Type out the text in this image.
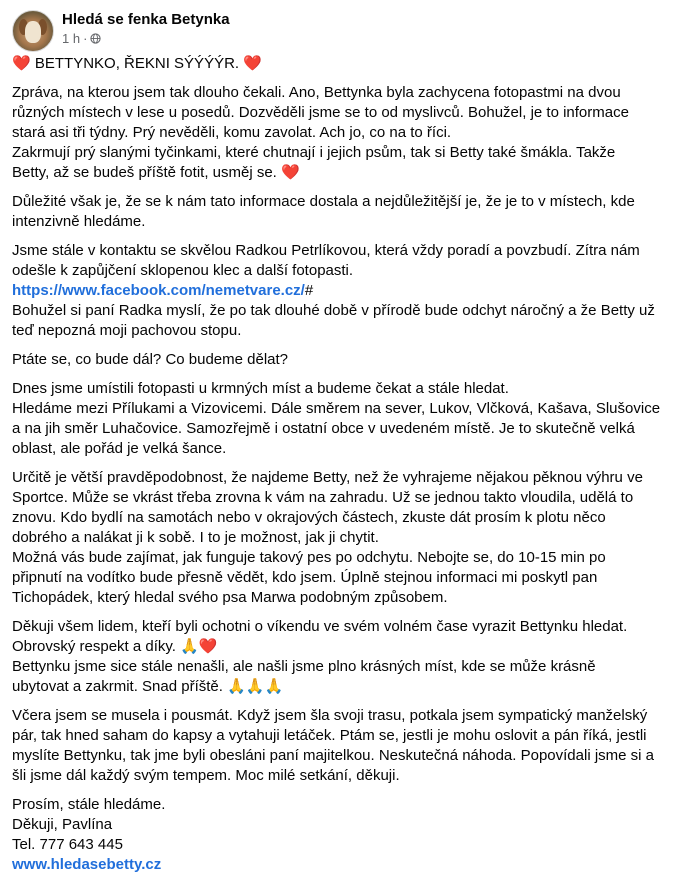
Hledá se fenka Betynka
1 h ·

❤️ BETTYNKO, ŘEKNI SÝÝÝÝR. ❤️

Zpráva, na kterou jsem tak dlouho čekali. Ano, Bettynka byla zachycena fotopastmi na dvou
různých místech v lese u posedů. Dozvěděli jsme se to od myslivců. Bohužel, je to informace
stará asi tři týdny. Prý nevěděli, komu zavolat. Ach jo, co na to říci.
Zakrmují prý slanými tyčinkami, které chutnají i jejich psům, tak si Betty také šmákla. Takže
Betty, až se budeš příště fotit, usměj se. ❤️

Důležité však je, že se k nám tato informace dostala a nejdůležitější je, že je to v místech, kde
intenzivně hledáme.

Jsme stále v kontaktu se skvělou Radkou Petrlíkovou, která vždy poradí a povzbudí. Zítra nám
odešle k zapůjčení sklopenou klec a další fotopasti.
https://www.facebook.com/nemetvare.cz/#
Bohužel si paní Radka myslí, že po tak dlouhé době v přírodě bude odchyt náročný a že Betty už
teď nepozná moji pachovou stopu.

Ptáte se, co bude dál? Co budeme dělat?

Dnes jsme umístili fotopasti u krmných míst a budeme čekat a stále hledat.
Hledáme mezi Přílukami a Vizovicemi. Dále směrem na sever, Lukov, Vlčková, Kašava, Slušovice
a na jih směr Luhačovice. Samozřejmě i ostatní obce v uvedeném místě. Je to skutečně velká
oblast, ale pořád je velká šance.

Určitě je větší pravděpodobnost, že najdeme Betty, než že vyhrajeme nějakou pěknou výhru ve
Sportce. Může se vkrást třeba zrovna k vám na zahradu. Už se jednou takto vloudila, udělá to
znovu. Kdo bydlí na samotách nebo v okrajových částech, zkuste dát prosím k plotu něco
dobrého a nalákat ji k sobě. I to je možnost, jak ji chytit.
Možná vás bude zajímat, jak funguje takový pes po odchytu. Nebojte se, do 10-15 min po
připnutí na vodítko bude přesně vědět, kdo jsem. Úplně stejnou informaci mi poskytl pan
Tichopádek, který hledal svého psa Marwa podobným způsobem.

Děkuji všem lidem, kteří byli ochotni o víkendu ve svém volném čase vyrazit Bettynku hledat.
Obrovský respekt a díky. 🙏❤️
Bettynku jsme sice stále nenašli, ale našli jsme plno krásných míst, kde se může krásně
ubytovat a zakrmit. Snad příště. 🙏🙏🙏

Včera jsem se musela i pousmát. Když jsem šla svoji trasu, potkala jsem sympatický manželský
pár, tak hned saham do kapsy a vytahuji letáček. Ptám se, jestli je mohu oslovit a pán říká, jestli
myslíte Bettynku, tak jme byli obesláni paní majitelkou. Neskutečná náhoda. Popovídali jsme si a
šli jsme dál každý svým tempem. Moc milé setkání, děkuji.

Prosím, stále hledáme.
Děkuji, Pavlína
Tel. 777 643 445
www.hledasebetty.cz
